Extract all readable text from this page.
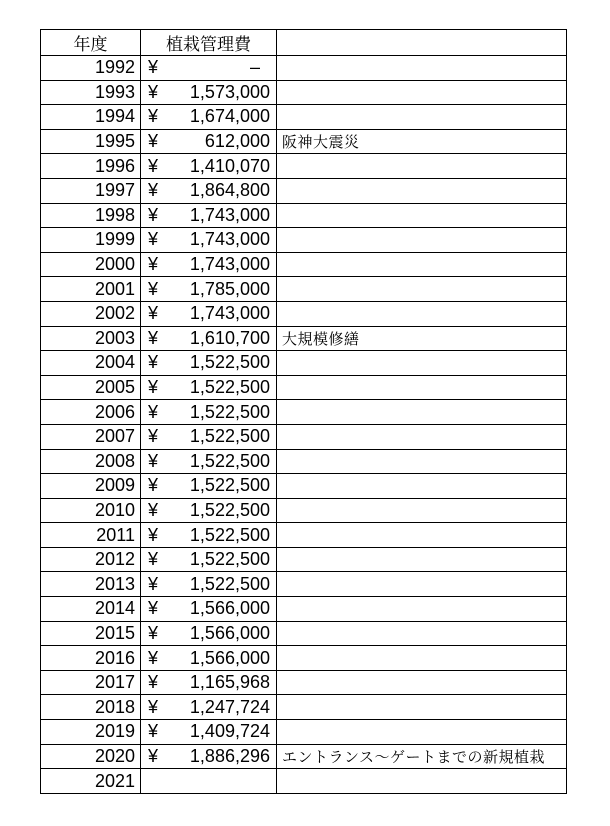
年度	植栽管理費	
1992	¥ –	

1993	¥ 1,573,000	

1994	¥ 1,674,000	

1995	¥ 612,000	阪神大震災
1996	¥ 1,410,070	

1997	¥ 1,864,800	

1998	¥ 1,743,000	

1999	¥ 1,743,000	

2000	¥ 1,743,000	

2001	¥ 1,785,000	

2002	¥ 1,743,000	

2003	¥ 1,610,700	大規模修繕
2004	¥ 1,522,500	

2005	¥ 1,522,500	

2006	¥ 1,522,500	

2007	¥ 1,522,500	

2008	¥ 1,522,500	

2009	¥ 1,522,500	

2010	¥ 1,522,500	

2011	¥ 1,522,500	

2012	¥ 1,522,500	

2013	¥ 1,522,500	

2014	¥ 1,566,000	

2015	¥ 1,566,000	

2016	¥ 1,566,000	

2017	¥ 1,165,968	

2018	¥ 1,247,724	

2019	¥ 1,409,724	

2020	¥ 1,886,296	エントランス～ゲートまでの新規植栽
2021	
